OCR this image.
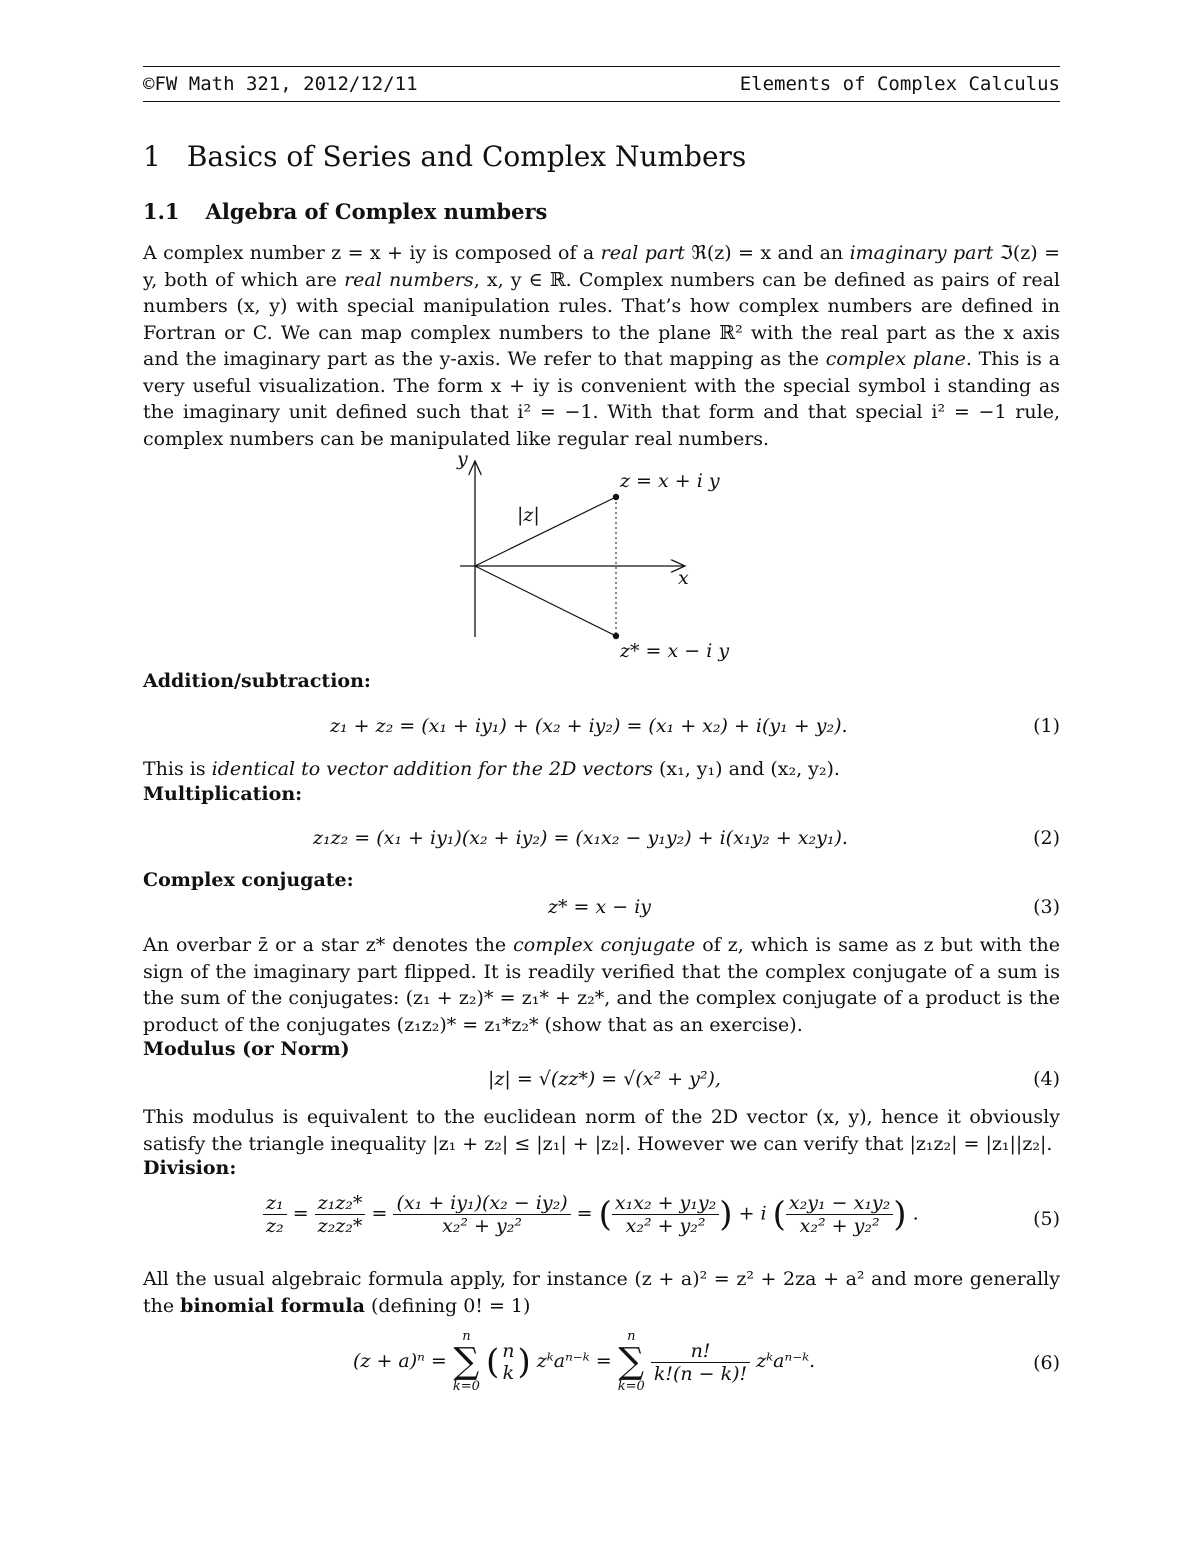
©FW Math 321, 2012/12/11	Elements of Complex Calculus
1 Basics of Series and Complex Numbers
1.1 Algebra of Complex numbers
A complex number z = x + iy is composed of a real part ℜ(z) = x and an imaginary part ℑ(z) = y, both of which are real numbers, x, y ∈ ℝ. Complex numbers can be defined as pairs of real numbers (x, y) with special manipulation rules. That’s how complex numbers are defined in Fortran or C. We can map complex numbers to the plane ℝ² with the real part as the x axis and the imaginary part as the y-axis. We refer to that mapping as the complex plane. This is a very useful visualization. The form x + iy is convenient with the special symbol i standing as the imaginary unit defined such that i² = −1. With that form and that special i² = −1 rule, complex numbers can be manipulated like regular real numbers.
y
x
z = x + i y
|z|
z* = x − i y
Addition/subtraction:
z₁ + z₂ = (x₁ + iy₁) + (x₂ + iy₂) = (x₁ + x₂) + i(y₁ + y₂).	(1)
This is identical to vector addition for the 2D vectors (x₁, y₁) and (x₂, y₂).
Multiplication:
z₁z₂ = (x₁ + iy₁)(x₂ + iy₂) = (x₁x₂ − y₁y₂) + i(x₁y₂ + x₂y₁).	(2)
Complex conjugate:
z* = x − iy	(3)
An overbar z̄ or a star z* denotes the complex conjugate of z, which is same as z but with the sign of the imaginary part flipped. It is readily verified that the complex conjugate of a sum is the sum of the conjugates: (z₁ + z₂)* = z₁* + z₂*, and the complex conjugate of a product is the product of the conjugates (z₁z₂)* = z₁*z₂* (show that as an exercise).
Modulus (or Norm)
|z| = √(zz*) = √(x² + y²),	(4)
This modulus is equivalent to the euclidean norm of the 2D vector (x, y), hence it obviously satisfy the triangle inequality |z₁ + z₂| ≤ |z₁| + |z₂|. However we can verify that |z₁z₂| = |z₁||z₂|.
Division:
$\frac{\text{z₁}}{\text{z₂}} = \frac{\text{z₁z₂*}}{\text{z₂z₂*}} = \frac{\text{(x₁ + iy₁)(x₂ − iy₂)}}{\text{x₂² + y₂²}}$ = ( $\frac{\text{x₁x₂ + y₁y₂}}{\text{x₂² + y₂²}}$ ) + i ( $\frac{\text{x₂y₁ − x₁y₂}}{\text{x₂² + y₂²}}$ ) .	(5)
All the usual algebraic formula apply, for instance (z + a)² = z² + 2za + a² and more generally the binomial formula (defining 0! = 1)
(z + a)ⁿ =
n
∑
k=0
( n
k ) zᵏaⁿ⁻ᵏ =
n
∑
k=0

$\frac{n!}{k!(n - k)!}$ zᵏaⁿ⁻ᵏ.	(6)
